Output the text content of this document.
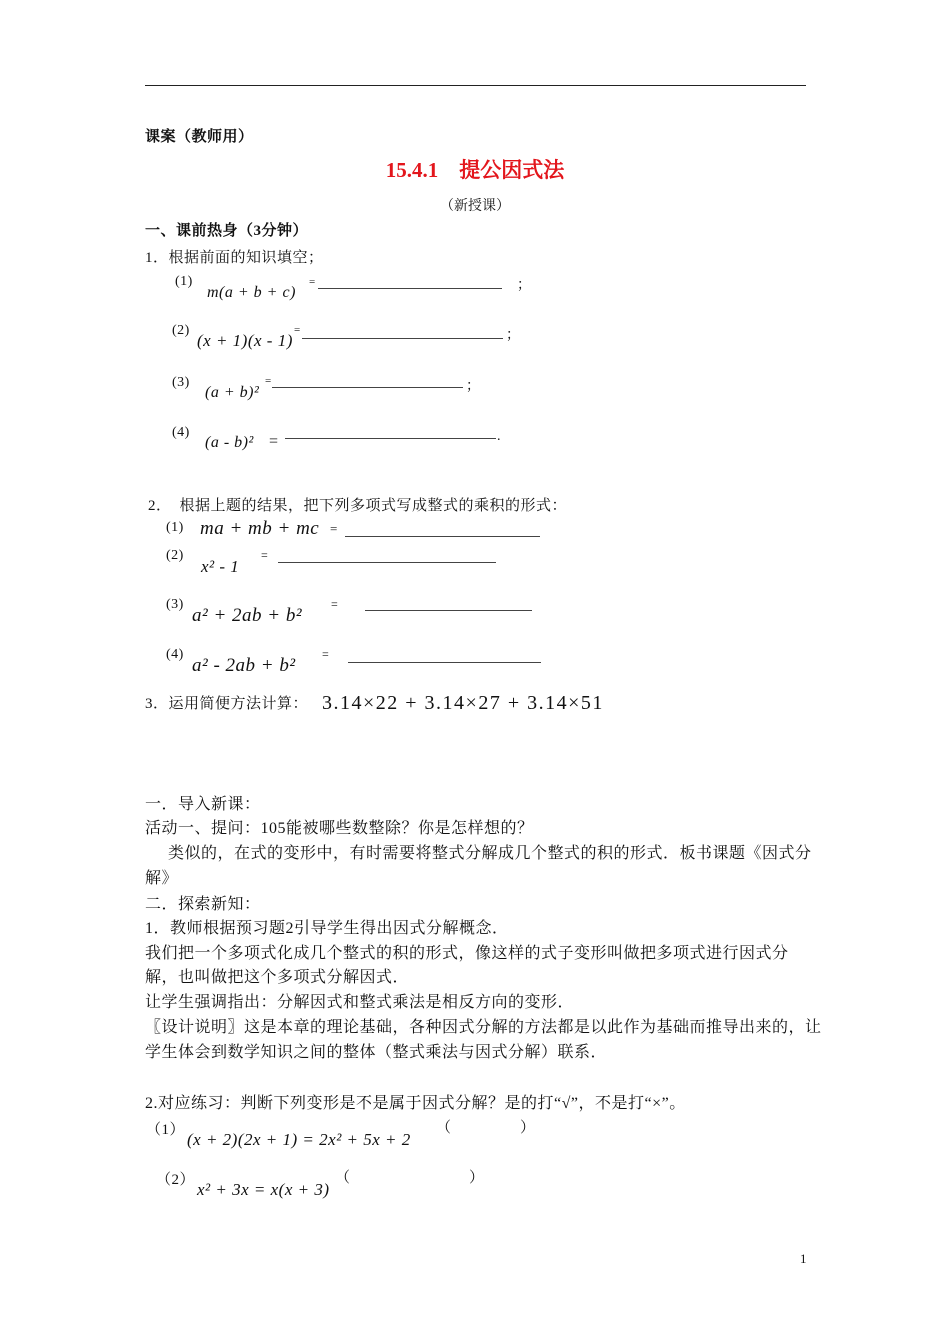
课案（教师用）
15.4.1　提公因式法
（新授课）
一、课前热身（3分钟）
1．根据前面的知识填空；
(1)
m(a + b + c)
=	；
(2)
(x + 1)(x - 1)
=	；
(3)
(a + b)²
=	；
(4)
(a - b)² =	.
2．　根据上题的结果，把下列多项式写成整式的乘积的形式：
(1) ma + mb + mc =
(2)
x² - 1
=
(3)
a² + 2ab + b²
=
(4)
a² - 2ab + b²
=
3．运用简便方法计算： 3.14×22 + 3.14×27 + 3.14×51
一．导入新课：
活动一、提问：105能被哪些数整除？你是怎样想的？
类似的，在式的变形中，有时需要将整式分解成几个整式的积的形式．板书课题《因式分
解》
二．探索新知：
1．教师根据预习题2引导学生得出因式分解概念．
我们把一个多项式化成几个整式的积的形式，像这样的式子变形叫做把多项式进行因式分
解，也叫做把这个多项式分解因式．
让学生强调指出：分解因式和整式乘法是相反方向的变形．
〖设计说明〗这是本章的理论基础，各种因式分解的方法都是以此作为基础而推导出来的，让
学生体会到数学知识之间的整体（整式乘法与因式分解）联系．
2.对应练习：判断下列变形是不是属于因式分解？是的打“√”，不是打“×”。
（1） (x + 2)(2x + 1) = 2x² + 5x + 2
（	）
（2） x² + 3x = x(x + 3)
（	）
1
